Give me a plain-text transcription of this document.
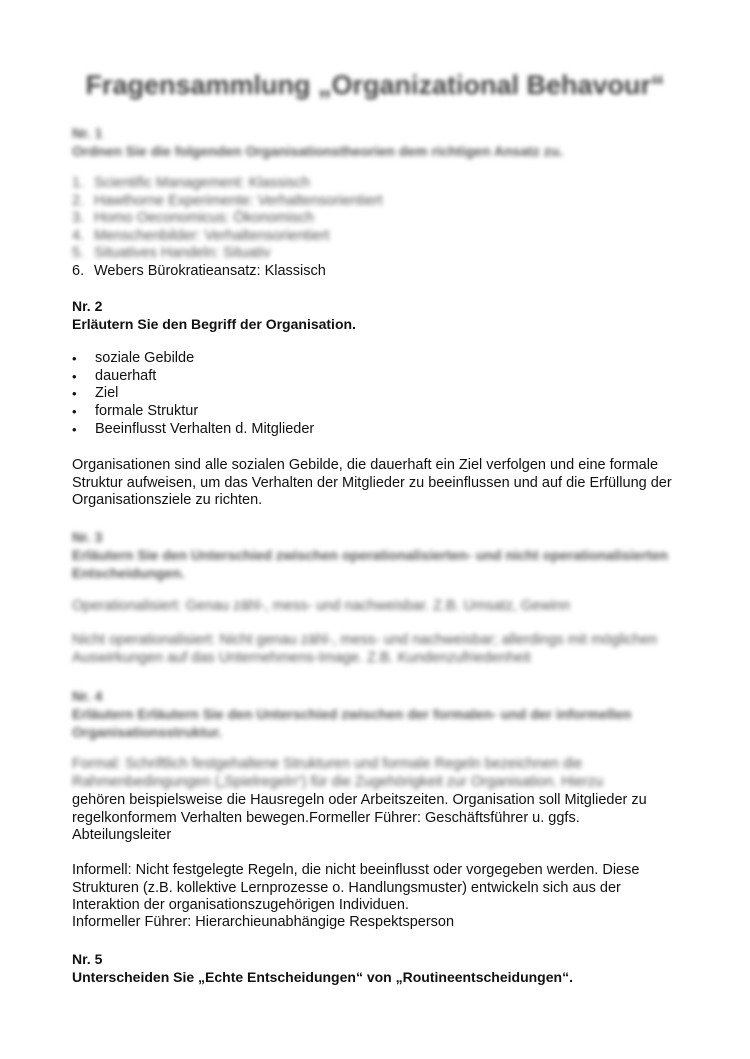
Fragensammlung „Organizational Behavour“
Nr. 1
Ordnen Sie die folgenden Organisationstheorien dem richtigen Ansatz zu.
1. Scientific Management: Klassisch
2. Hawthorne Experimente: Verhaltensorientiert
3. Homo Oeconomicus: Ökonomisch
4. Menschenbilder: Verhaltensorientiert
5. Situatives Handeln: Situativ
6. Webers Bürokratieansatz: Klassisch
Nr. 2
Erläutern Sie den Begriff der Organisation.
•	soziale Gebilde
•	dauerhaft
•	Ziel
•	formale Struktur
•	Beeinflusst Verhalten d. Mitglieder

Organisationen sind alle sozialen Gebilde, die dauerhaft ein Ziel verfolgen und eine formale Struktur aufweisen, um das Verhalten der Mitglieder zu beeinflussen und auf die Erfüllung der Organisationsziele zu richten.

Nr. 3
Erläutern Sie den Unterschied zwischen operationalisierten- und nicht operationalisierten Entscheidungen.

Operationalisiert: Genau zähl-, mess- und nachweisbar. Z.B. Umsatz, Gewinn

Nicht operationalisiert: Nicht genau zähl-, mess- und nachweisbar; allerdings mit möglichen Auswirkungen auf das Unternehmens-Image. Z.B. Kundenzufriedenheit

Nr. 4
Erläutern Erläutern Sie den Unterschied zwischen der formalen- und der informellen Organisationsstruktur.

Formal: Schriftlich festgehaltene Strukturen und formale Regeln bezeichnen die Rahmenbedingungen („Spielregeln“) für die Zugehörigkeit zur Organisation. Hierzu

gehören beispielsweise die Hausregeln oder Arbeitszeiten. Organisation soll Mitglieder zu regelkonformem Verhalten bewegen.Formeller Führer: Geschäftsführer u. ggfs. Abteilungsleiter

Informell: Nicht festgelegte Regeln, die nicht beeinflusst oder vorgegeben werden. Diese Strukturen (z.B. kollektive Lernprozesse o. Handlungsmuster) entwickeln sich aus der Interaktion der organisationszugehörigen Individuen.

Informeller Führer: Hierarchieunabhängige Respektsperson

Nr. 5
Unterscheiden Sie „Echte Entscheidungen“ von „Routineentscheidungen“.
